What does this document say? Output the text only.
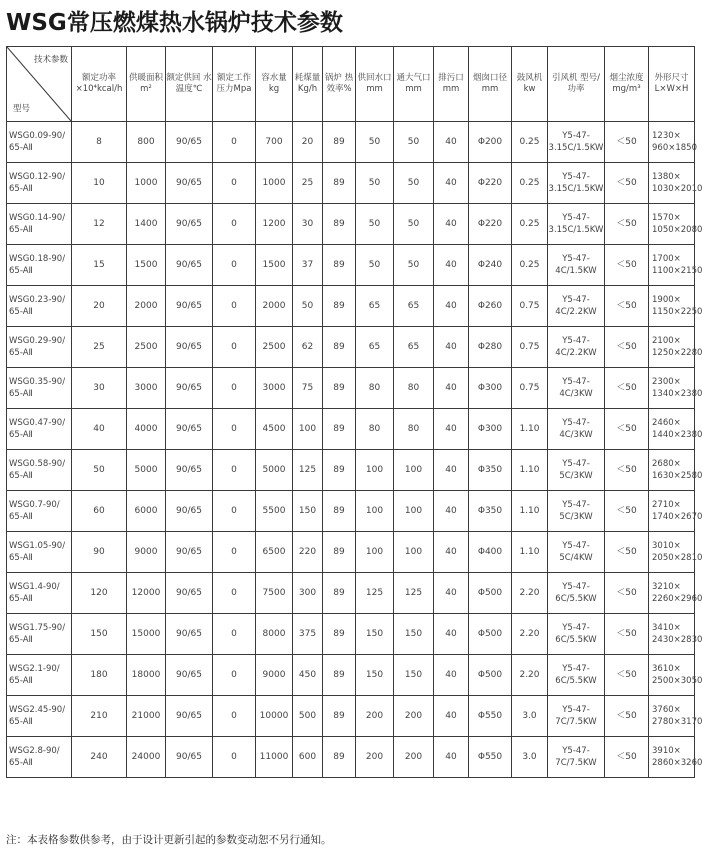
WSG常压燃煤热水锅炉技术参数
技术参数
型号	额定功率 ×10⁴kcal/h	供暖面积 m²	额定供回 水温度℃	额定工作 压力Mpa	容水量 kg	耗煤量 Kg/h	锅炉 热效率%	供回水口 mm	通大气口 mm	排污口 mm	烟囱口径 mm	鼓风机 kw	引风机 型号/功率	烟尘浓度 mg/m³	外形尺寸 L×W×H
WSG0.09-90/ 65-AⅡ	8	800	90/65	0	700	20	89	50	50	40	Φ200	0.25	Y5-47- 3.15C/1.5KW	＜50	1230× 960×1850
WSG0.12-90/ 65-AⅡ	10	1000	90/65	0	1000	25	89	50	50	40	Φ220	0.25	Y5-47- 3.15C/1.5KW	＜50	1380× 1030×2010
WSG0.14-90/ 65-AⅡ	12	1400	90/65	0	1200	30	89	50	50	40	Φ220	0.25	Y5-47- 3.15C/1.5KW	＜50	1570× 1050×2080
WSG0.18-90/ 65-AⅡ	15	1500	90/65	0	1500	37	89	50	50	40	Φ240	0.25	Y5-47- 4C/1.5KW	＜50	1700× 1100×2150
WSG0.23-90/ 65-AⅡ	20	2000	90/65	0	2000	50	89	65	65	40	Φ260	0.75	Y5-47- 4C/2.2KW	＜50	1900× 1150×2250
WSG0.29-90/ 65-AⅡ	25	2500	90/65	0	2500	62	89	65	65	40	Φ280	0.75	Y5-47- 4C/2.2KW	＜50	2100× 1250×2280
WSG0.35-90/ 65-AⅡ	30	3000	90/65	0	3000	75	89	80	80	40	Φ300	0.75	Y5-47- 4C/3KW	＜50	2300× 1340×2380
WSG0.47-90/ 65-AⅡ	40	4000	90/65	0	4500	100	89	80	80	40	Φ300	1.10	Y5-47- 4C/3KW	＜50	2460× 1440×2380
WSG0.58-90/ 65-AⅡ	50	5000	90/65	0	5000	125	89	100	100	40	Φ350	1.10	Y5-47- 5C/3KW	＜50	2680× 1630×2580
WSG0.7-90/ 65-AⅡ	60	6000	90/65	0	5500	150	89	100	100	40	Φ350	1.10	Y5-47- 5C/3KW	＜50	2710× 1740×2670
WSG1.05-90/ 65-AⅡ	90	9000	90/65	0	6500	220	89	100	100	40	Φ400	1.10	Y5-47- 5C/4KW	＜50	3010× 2050×2810
WSG1.4-90/ 65-AⅡ	120	12000	90/65	0	7500	300	89	125	125	40	Φ500	2.20	Y5-47- 6C/5.5KW	＜50	3210× 2260×2960
WSG1.75-90/ 65-AⅡ	150	15000	90/65	0	8000	375	89	150	150	40	Φ500	2.20	Y5-47- 6C/5.5KW	＜50	3410× 2430×2830
WSG2.1-90/ 65-AⅡ	180	18000	90/65	0	9000	450	89	150	150	40	Φ500	2.20	Y5-47- 6C/5.5KW	＜50	3610× 2500×3050
WSG2.45-90/ 65-AⅡ	210	21000	90/65	0	10000	500	89	200	200	40	Φ550	3.0	Y5-47- 7C/7.5KW	＜50	3760× 2780×3170
WSG2.8-90/ 65-AⅡ	240	24000	90/65	0	11000	600	89	200	200	40	Φ550	3.0	Y5-47- 7C/7.5KW	＜50	3910× 2860×3260
注：本表格参数供参考，由于设计更新引起的参数变动恕不另行通知。
